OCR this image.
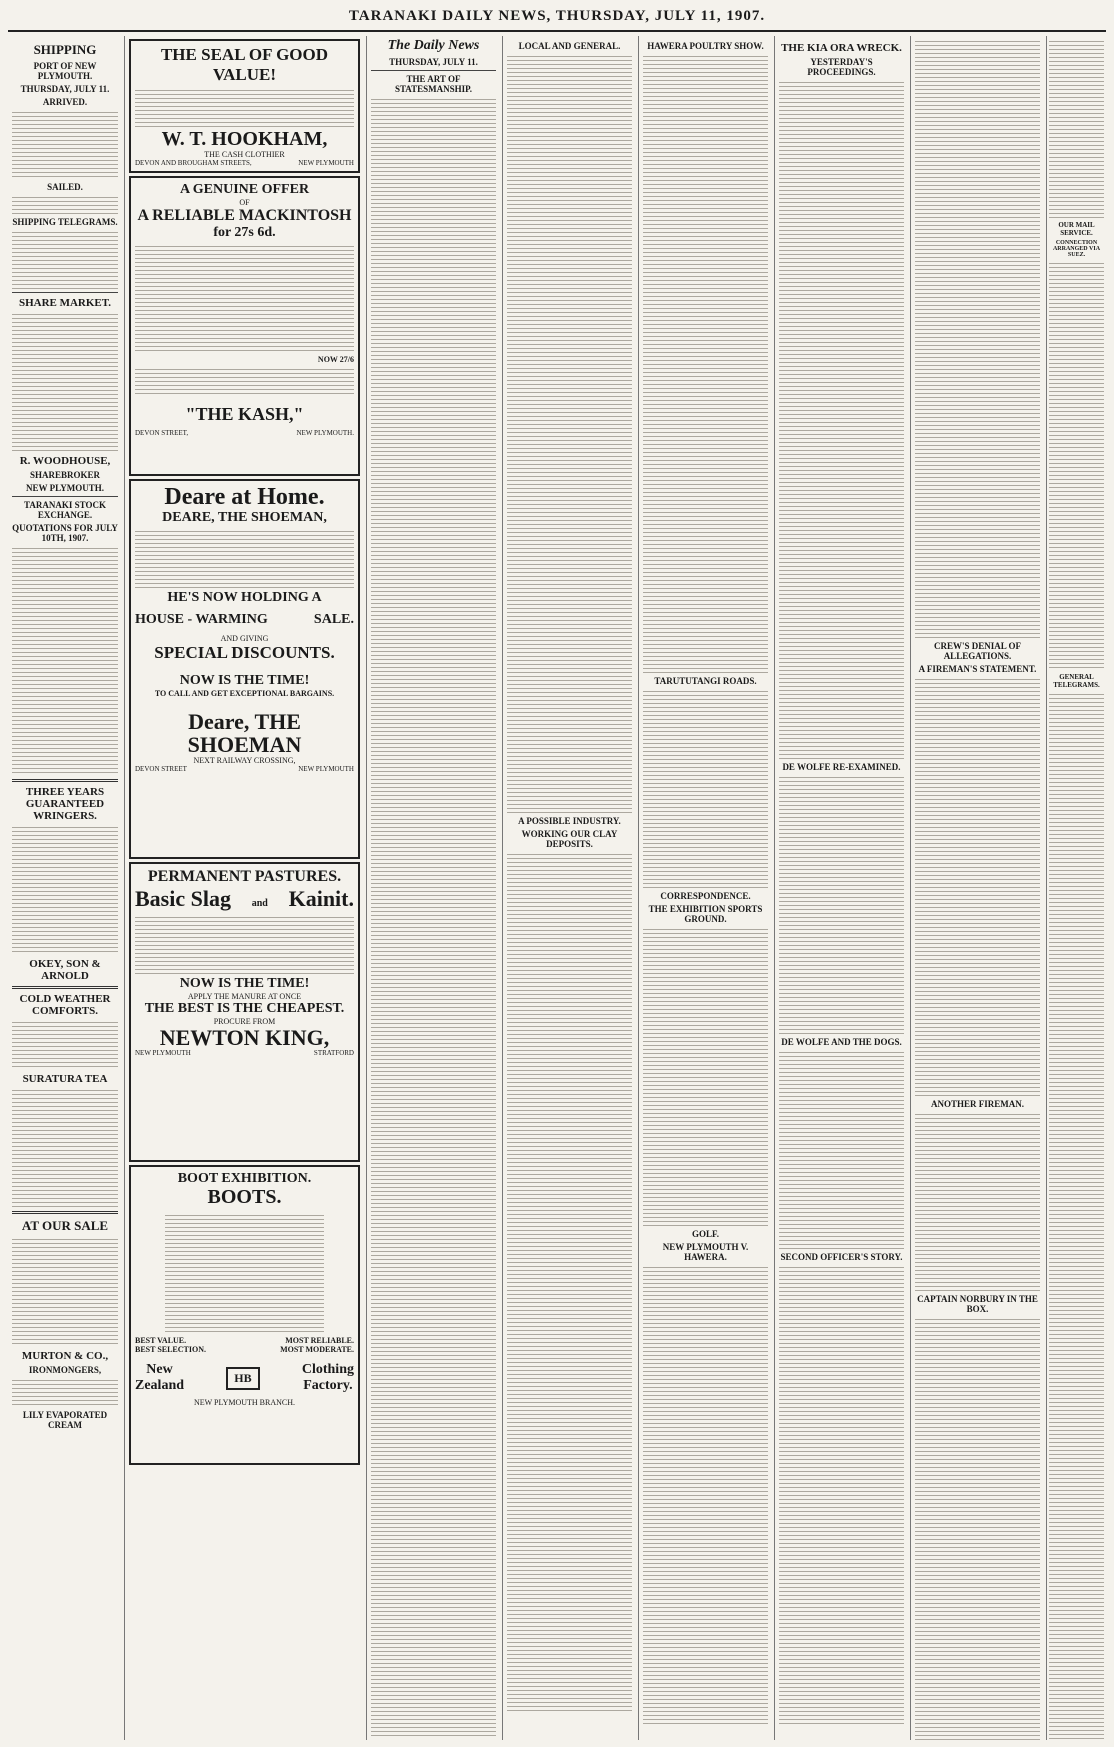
TARANAKI DAILY NEWS, THURSDAY, JULY 11, 1907.
SHIPPING
PORT OF NEW PLYMOUTH.
THURSDAY, JULY 11.
ARRIVED.
SAILED.
SHIPPING TELEGRAMS.
SHARE MARKET.
R. WOODHOUSE,
SHAREBROKER
NEW PLYMOUTH.
TARANAKI STOCK EXCHANGE.
QUOTATIONS FOR JULY 10TH, 1907.
THREE YEARS GUARANTEED WRINGERS.
OKEY, SON & ARNOLD
COLD WEATHER COMFORTS.
SURATURA TEA
AT OUR SALE
MURTON & CO.,
IRONMONGERS,
LILY EVAPORATED CREAM
THE SEAL OF GOOD VALUE!
W. T. HOOKHAM,
THE CASH CLOTHIER
DEVON AND BROUGHAM STREETS,	NEW PLYMOUTH
A GENUINE OFFER
OF
A RELIABLE MACKINTOSH
for 27s 6d.
NOW 27/6
"THE KASH,"
DEVON STREET,	NEW PLYMOUTH.
Deare at Home.
DEARE, THE SHOEMAN,
HE'S NOW HOLDING A
HOUSE - WARMING	SALE.
AND GIVING
SPECIAL DISCOUNTS.
NOW IS THE TIME!
TO CALL AND GET EXCEPTIONAL BARGAINS.
Deare, THE SHOEMAN
NEXT RAILWAY CROSSING,
DEVON STREET	NEW PLYMOUTH
PERMANENT PASTURES.
Basic Slag and Kainit.
NOW IS THE TIME!
APPLY THE MANURE AT ONCE
THE BEST IS THE CHEAPEST.
PROCURE FROM
NEWTON KING,
NEW PLYMOUTH	STRATFORD
BOOT EXHIBITION.
BOOTS.
BEST VALUE.	MOST RELIABLE.
BEST SELECTION.	MOST MODERATE.
New
Zealand
HB
Clothing
Factory.
NEW PLYMOUTH BRANCH.
The Daily News
THURSDAY, JULY 11.
THE ART OF STATESMANSHIP.
LOCAL AND GENERAL.
A POSSIBLE INDUSTRY.
WORKING OUR CLAY DEPOSITS.
HAWERA POULTRY SHOW.
TARUTUTANGI ROADS.
CORRESPONDENCE.
THE EXHIBITION SPORTS GROUND.
GOLF.
NEW PLYMOUTH V. HAWERA.
THE KIA ORA WRECK.
YESTERDAY'S PROCEEDINGS.
DE WOLFE RE-EXAMINED.
DE WOLFE AND THE DOGS.
SECOND OFFICER'S STORY.
CREW'S DENIAL OF ALLEGATIONS.
A FIREMAN'S STATEMENT.
ANOTHER FIREMAN.
CAPTAIN NORBURY IN THE BOX.
OUR MAIL SERVICE.
CONNECTION ARRANGED VIA SUEZ.
GENERAL TELEGRAMS.
